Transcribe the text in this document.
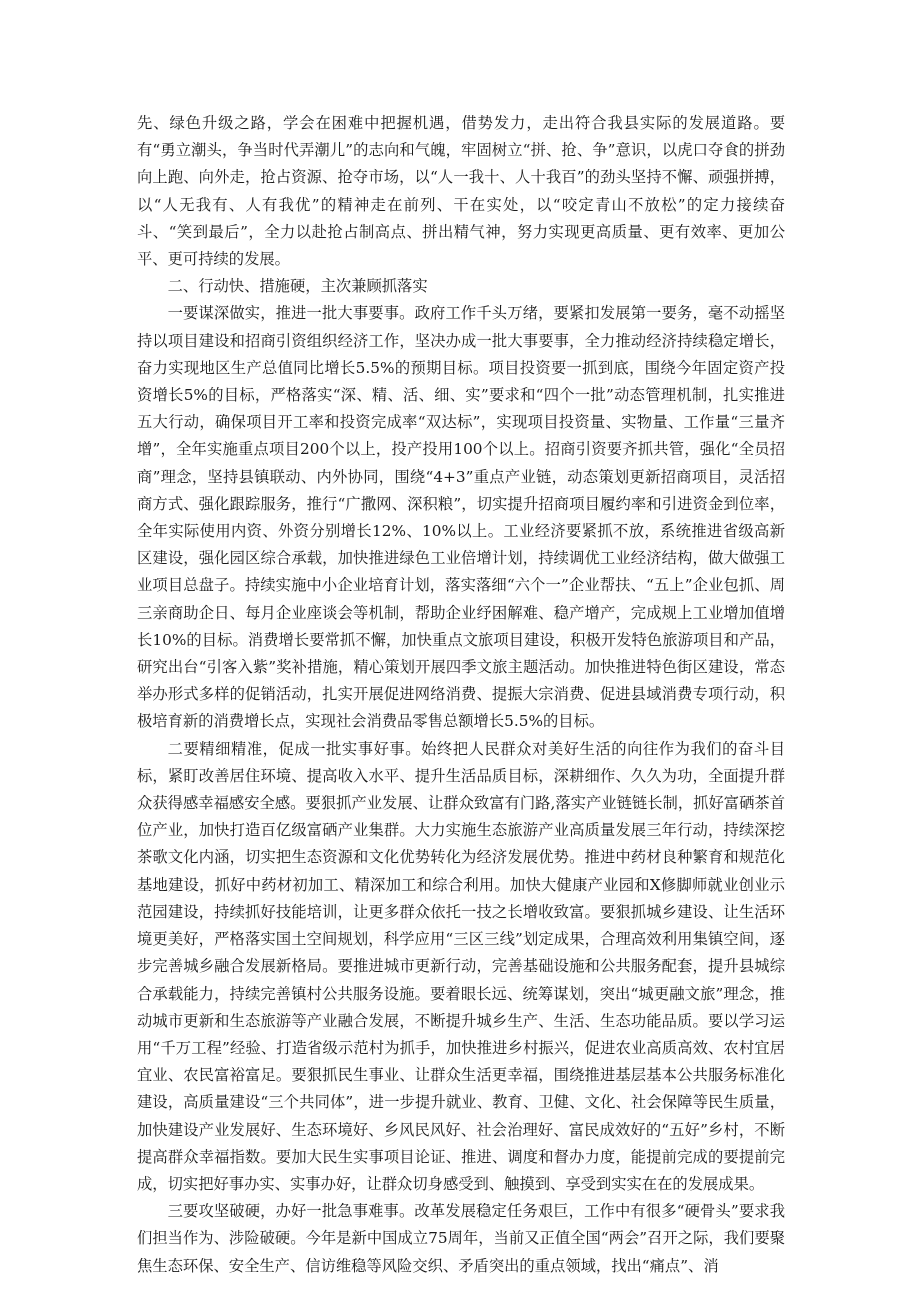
先、绿色升级之路，学会在困难中把握机遇，借势发力，走出符合我县实际的发展道路。要有“勇立潮头，争当时代弄潮儿”的志向和气魄，牢固树立“拼、抢、争”意识，以虎口夺食的拼劲向上跑、向外走，抢占资源、抢夺市场，以“人一我十、人十我百”的劲头坚持不懈、顽强拼搏，以“人无我有、人有我优”的精神走在前列、干在实处，以“咬定青山不放松”的定力接续奋斗、“笑到最后”，全力以赴抢占制高点、拼出精气神，努力实现更高质量、更有效率、更加公平、更可持续的发展。

二、行动快、措施硬，主次兼顾抓落实

一要谋深做实，推进一批大事要事。政府工作千头万绪，要紧扣发展第一要务，毫不动摇坚持以项目建设和招商引资组织经济工作，坚决办成一批大事要事，全力推动经济持续稳定增长，奋力实现地区生产总值同比增长5.5%的预期目标。项目投资要一抓到底，围绕今年固定资产投资增长5%的目标，严格落实“深、精、活、细、实”要求和“四个一批”动态管理机制，扎实推进五大行动，确保项目开工率和投资完成率“双达标”，实现项目投资量、实物量、工作量“三量齐增”，全年实施重点项目200个以上，投产投用100个以上。招商引资要齐抓共管，强化“全员招商”理念，坚持县镇联动、内外协同，围绕“4+3”重点产业链，动态策划更新招商项目，灵活招商方式、强化跟踪服务，推行“广撒网、深积粮”，切实提升招商项目履约率和引进资金到位率，全年实际使用内资、外资分别增长12%、10%以上。工业经济要紧抓不放，系统推进省级高新区建设，强化园区综合承载，加快推进绿色工业倍增计划，持续调优工业经济结构，做大做强工业项目总盘子。持续实施中小企业培育计划，落实落细“六个一”企业帮扶、“五上”企业包抓、周三亲商助企日、每月企业座谈会等机制，帮助企业纾困解难、稳产增产，完成规上工业增加值增长10%的目标。消费增长要常抓不懈，加快重点文旅项目建设，积极开发特色旅游项目和产品，研究出台“引客入紫”奖补措施，精心策划开展四季文旅主题活动。加快推进特色街区建设，常态举办形式多样的促销活动，扎实开展促进网络消费、提振大宗消费、促进县域消费专项行动，积极培育新的消费增长点，实现社会消费品零售总额增长5.5%的目标。

二要精细精准，促成一批实事好事。始终把人民群众对美好生活的向往作为我们的奋斗目标，紧盯改善居住环境、提高收入水平、提升生活品质目标，深耕细作、久久为功，全面提升群众获得感幸福感安全感。要狠抓产业发展、让群众致富有门路,落实产业链链长制，抓好富硒茶首位产业，加快打造百亿级富硒产业集群。大力实施生态旅游产业高质量发展三年行动，持续深挖茶歌文化内涵，切实把生态资源和文化优势转化为经济发展优势。推进中药材良种繁育和规范化基地建设，抓好中药材初加工、精深加工和综合利用。加快大健康产业园和X修脚师就业创业示范园建设，持续抓好技能培训，让更多群众依托一技之长增收致富。要狠抓城乡建设、让生活环境更美好，严格落实国土空间规划，科学应用“三区三线”划定成果，合理高效利用集镇空间，逐步完善城乡融合发展新格局。要推进城市更新行动，完善基础设施和公共服务配套，提升县城综合承载能力，持续完善镇村公共服务设施。要着眼长远、统筹谋划，突出“城更融文旅”理念，推动城市更新和生态旅游等产业融合发展，不断提升城乡生产、生活、生态功能品质。要以学习运用“千万工程”经验、打造省级示范村为抓手，加快推进乡村振兴，促进农业高质高效、农村宜居宜业、农民富裕富足。要狠抓民生事业、让群众生活更幸福，围绕推进基层基本公共服务标准化建设，高质量建设“三个共同体”，进一步提升就业、教育、卫健、文化、社会保障等民生质量，加快建设产业发展好、生态环境好、乡风民风好、社会治理好、富民成效好的“五好”乡村，不断提高群众幸福指数。要加大民生实事项目论证、推进、调度和督办力度，能提前完成的要提前完成，切实把好事办实、实事办好，让群众切身感受到、触摸到、享受到实实在在的发展成果。

三要攻坚破硬，办好一批急事难事。改革发展稳定任务艰巨，工作中有很多“硬骨头”要求我们担当作为、涉险破硬。今年是新中国成立75周年，当前又正值全国“两会”召开之际，我们要聚焦生态环保、安全生产、信访维稳等风险交织、矛盾突出的重点领域，找出“痛点”、消
